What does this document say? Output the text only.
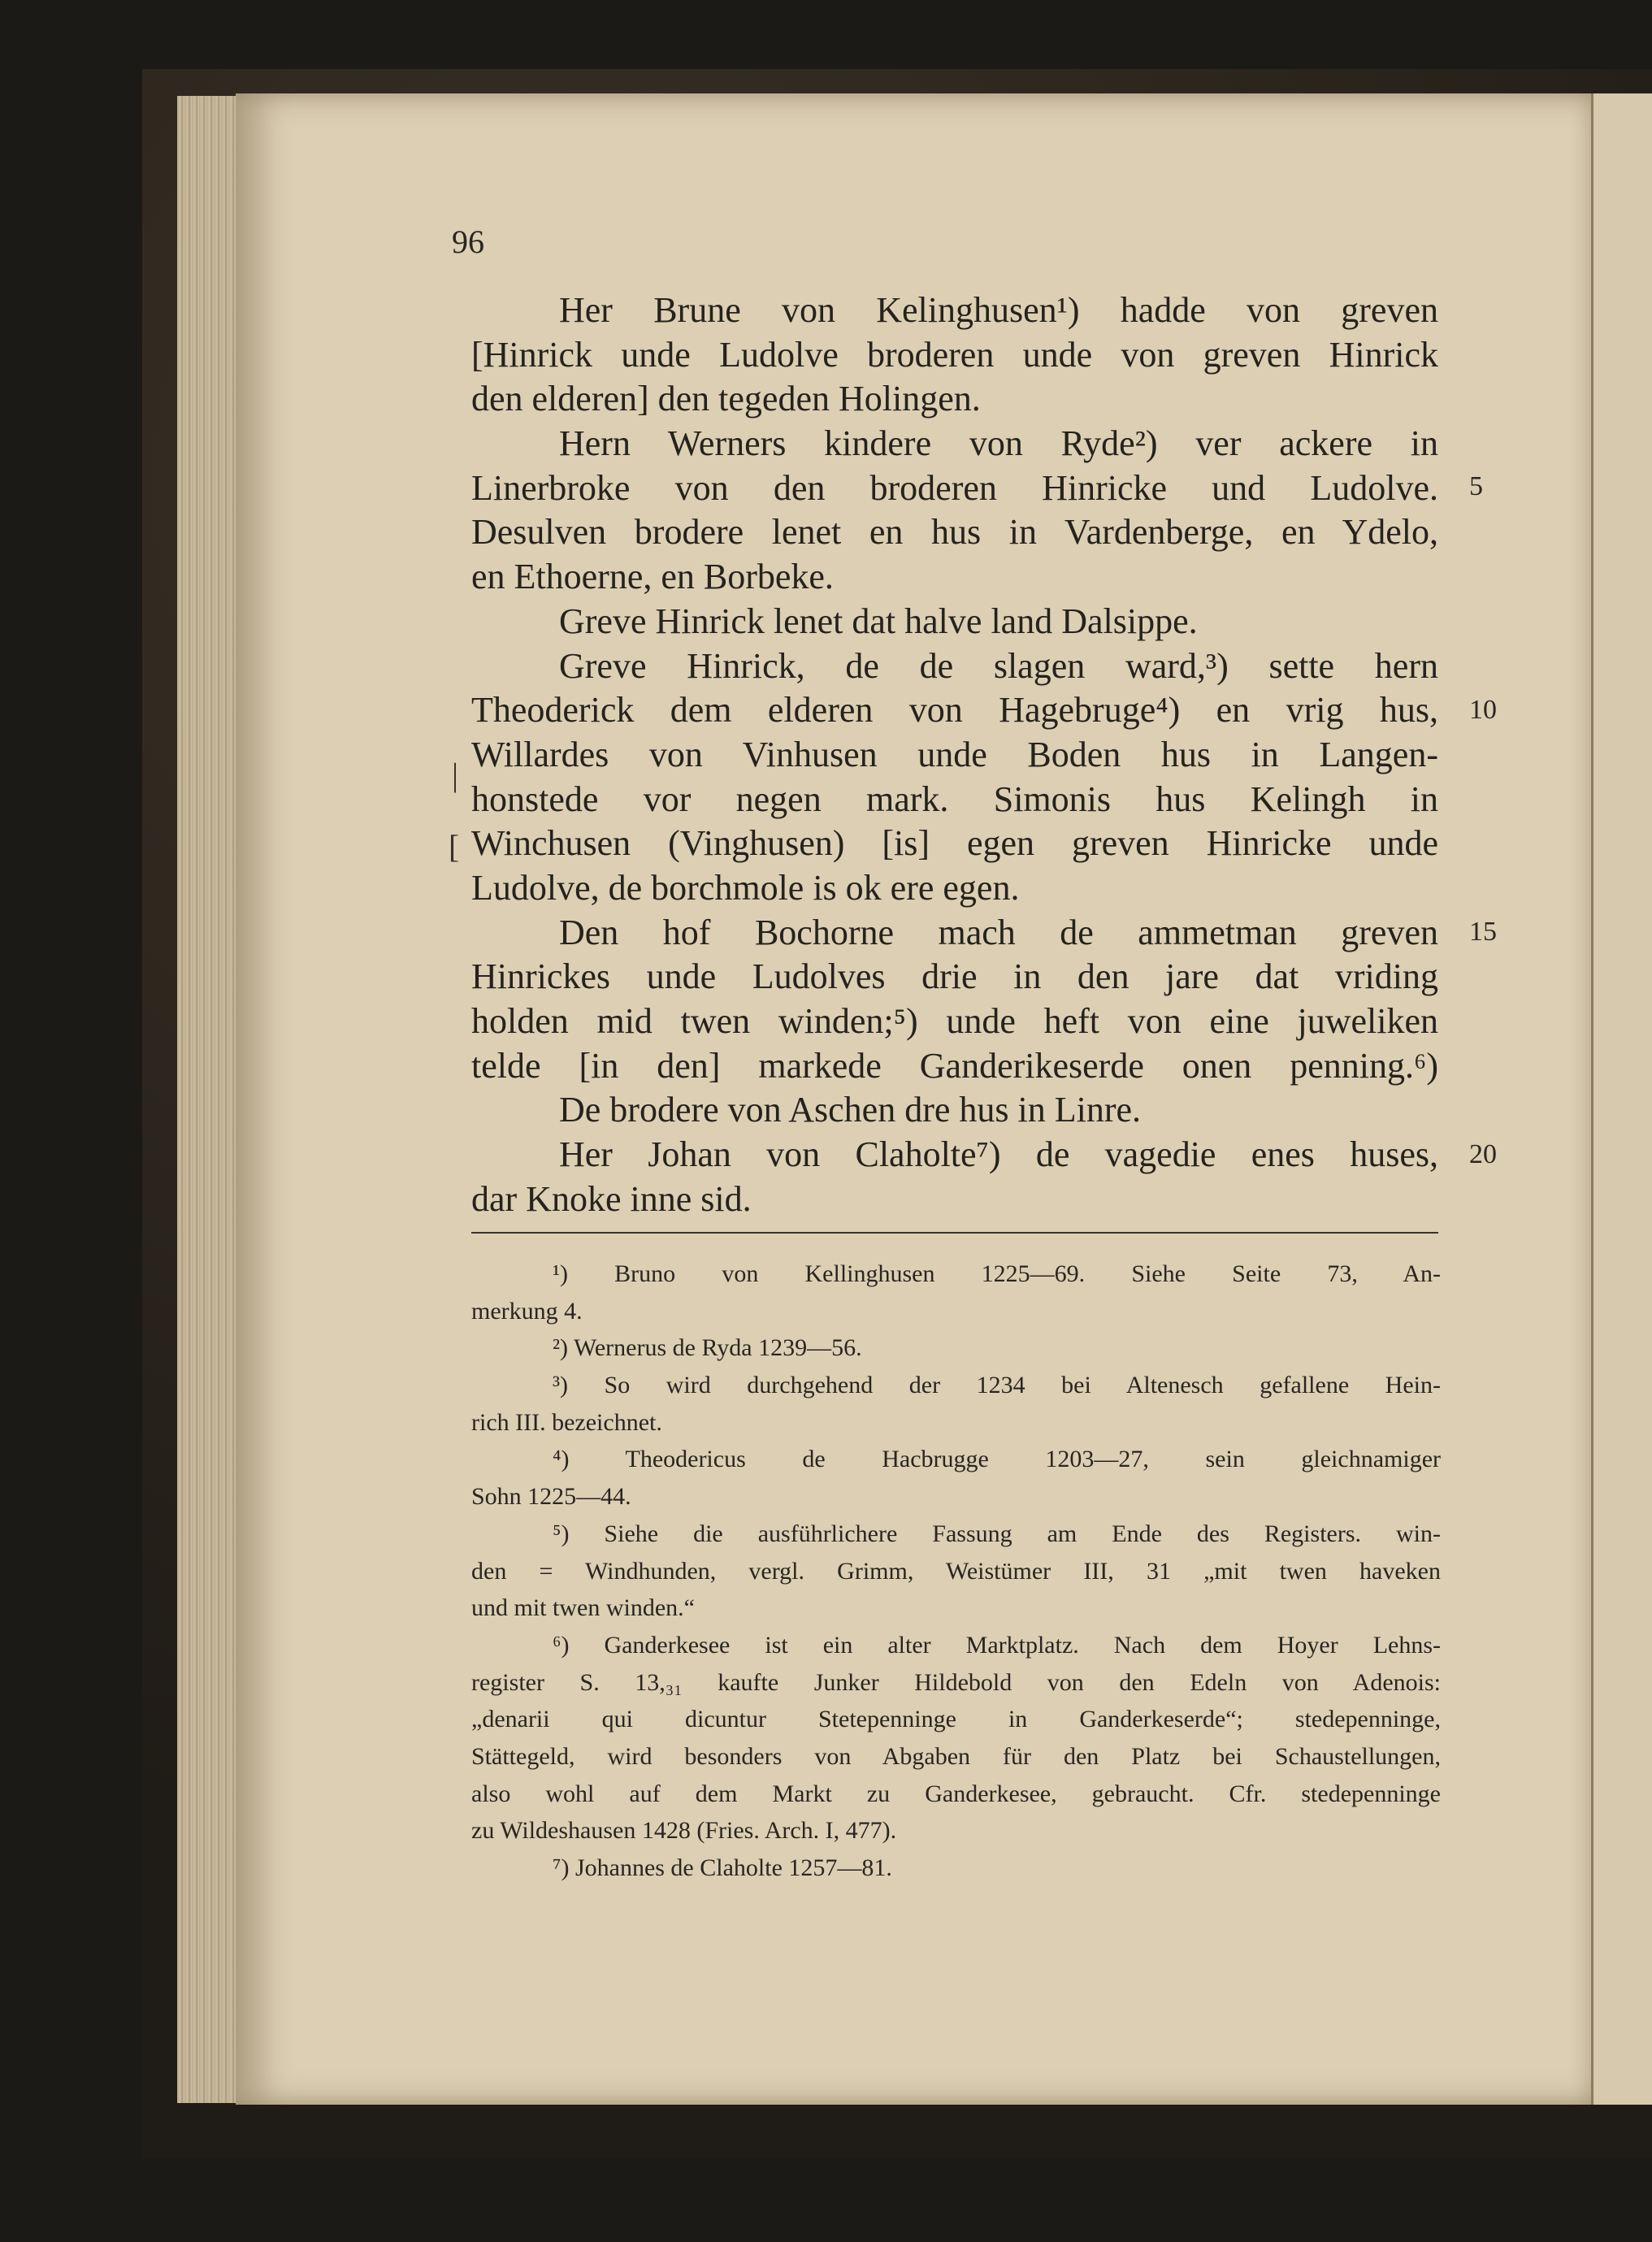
96
Her Brune von Kelinghusen¹) hadde von greven
[Hinrick unde Ludolve broderen unde von greven Hinrick
den elderen] den tegeden Holingen.
Hern Werners kindere von Ryde²) ver ackere in
Linerbroke von den broderen Hinricke und Ludolve.
Desulven brodere lenet en hus in Vardenberge, en Ydelo,
en Ethoerne, en Borbeke.
Greve Hinrick lenet dat halve land Dalsippe.
Greve Hinrick, de de slagen ward,³) sette hern
Theoderick dem elderen von Hagebruge⁴) en vrig hus,
Willardes von Vinhusen unde Boden hus in Langen-
honstede vor negen mark. Simonis hus Kelingh in
Winchusen (Vinghusen) [is] egen greven Hinricke unde
Ludolve, de borchmole is ok ere egen.
Den hof Bochorne mach de ammetman greven
Hinrickes unde Ludolves drie in den jare dat vriding
holden mid twen winden;⁵) unde heft von eine juweliken
telde [in den] markede Ganderikeserde onen penning.⁶)
De brodere von Aschen dre hus in Linre.
Her Johan von Claholte⁷) de vagedie enes huses,
dar Knoke inne sid.
5
10
15
20
|
[
¹) Bruno von Kellinghusen 1225—69. Siehe Seite 73, An-
merkung 4.
²) Wernerus de Ryda 1239—56.
³) So wird durchgehend der 1234 bei Altenesch gefallene Hein-
rich III. bezeichnet.
⁴) Theodericus de Hacbrugge 1203—27, sein gleichnamiger
Sohn 1225—44.
⁵) Siehe die ausführlichere Fassung am Ende des Registers. win-
den = Windhunden, vergl. Grimm, Weistümer III, 31 „mit twen haveken
und mit twen winden.“
⁶) Ganderkesee ist ein alter Marktplatz. Nach dem Hoyer Lehns-
register S. 13,₃₁ kaufte Junker Hildebold von den Edeln von Adenois:
„denarii qui dicuntur Stetepenninge in Ganderkeserde“; stedepenninge,
Stättegeld, wird besonders von Abgaben für den Platz bei Schaustellungen,
also wohl auf dem Markt zu Ganderkesee, gebraucht. Cfr. stedepenninge
zu Wildeshausen 1428 (Fries. Arch. I, 477).
⁷) Johannes de Claholte 1257—81.
